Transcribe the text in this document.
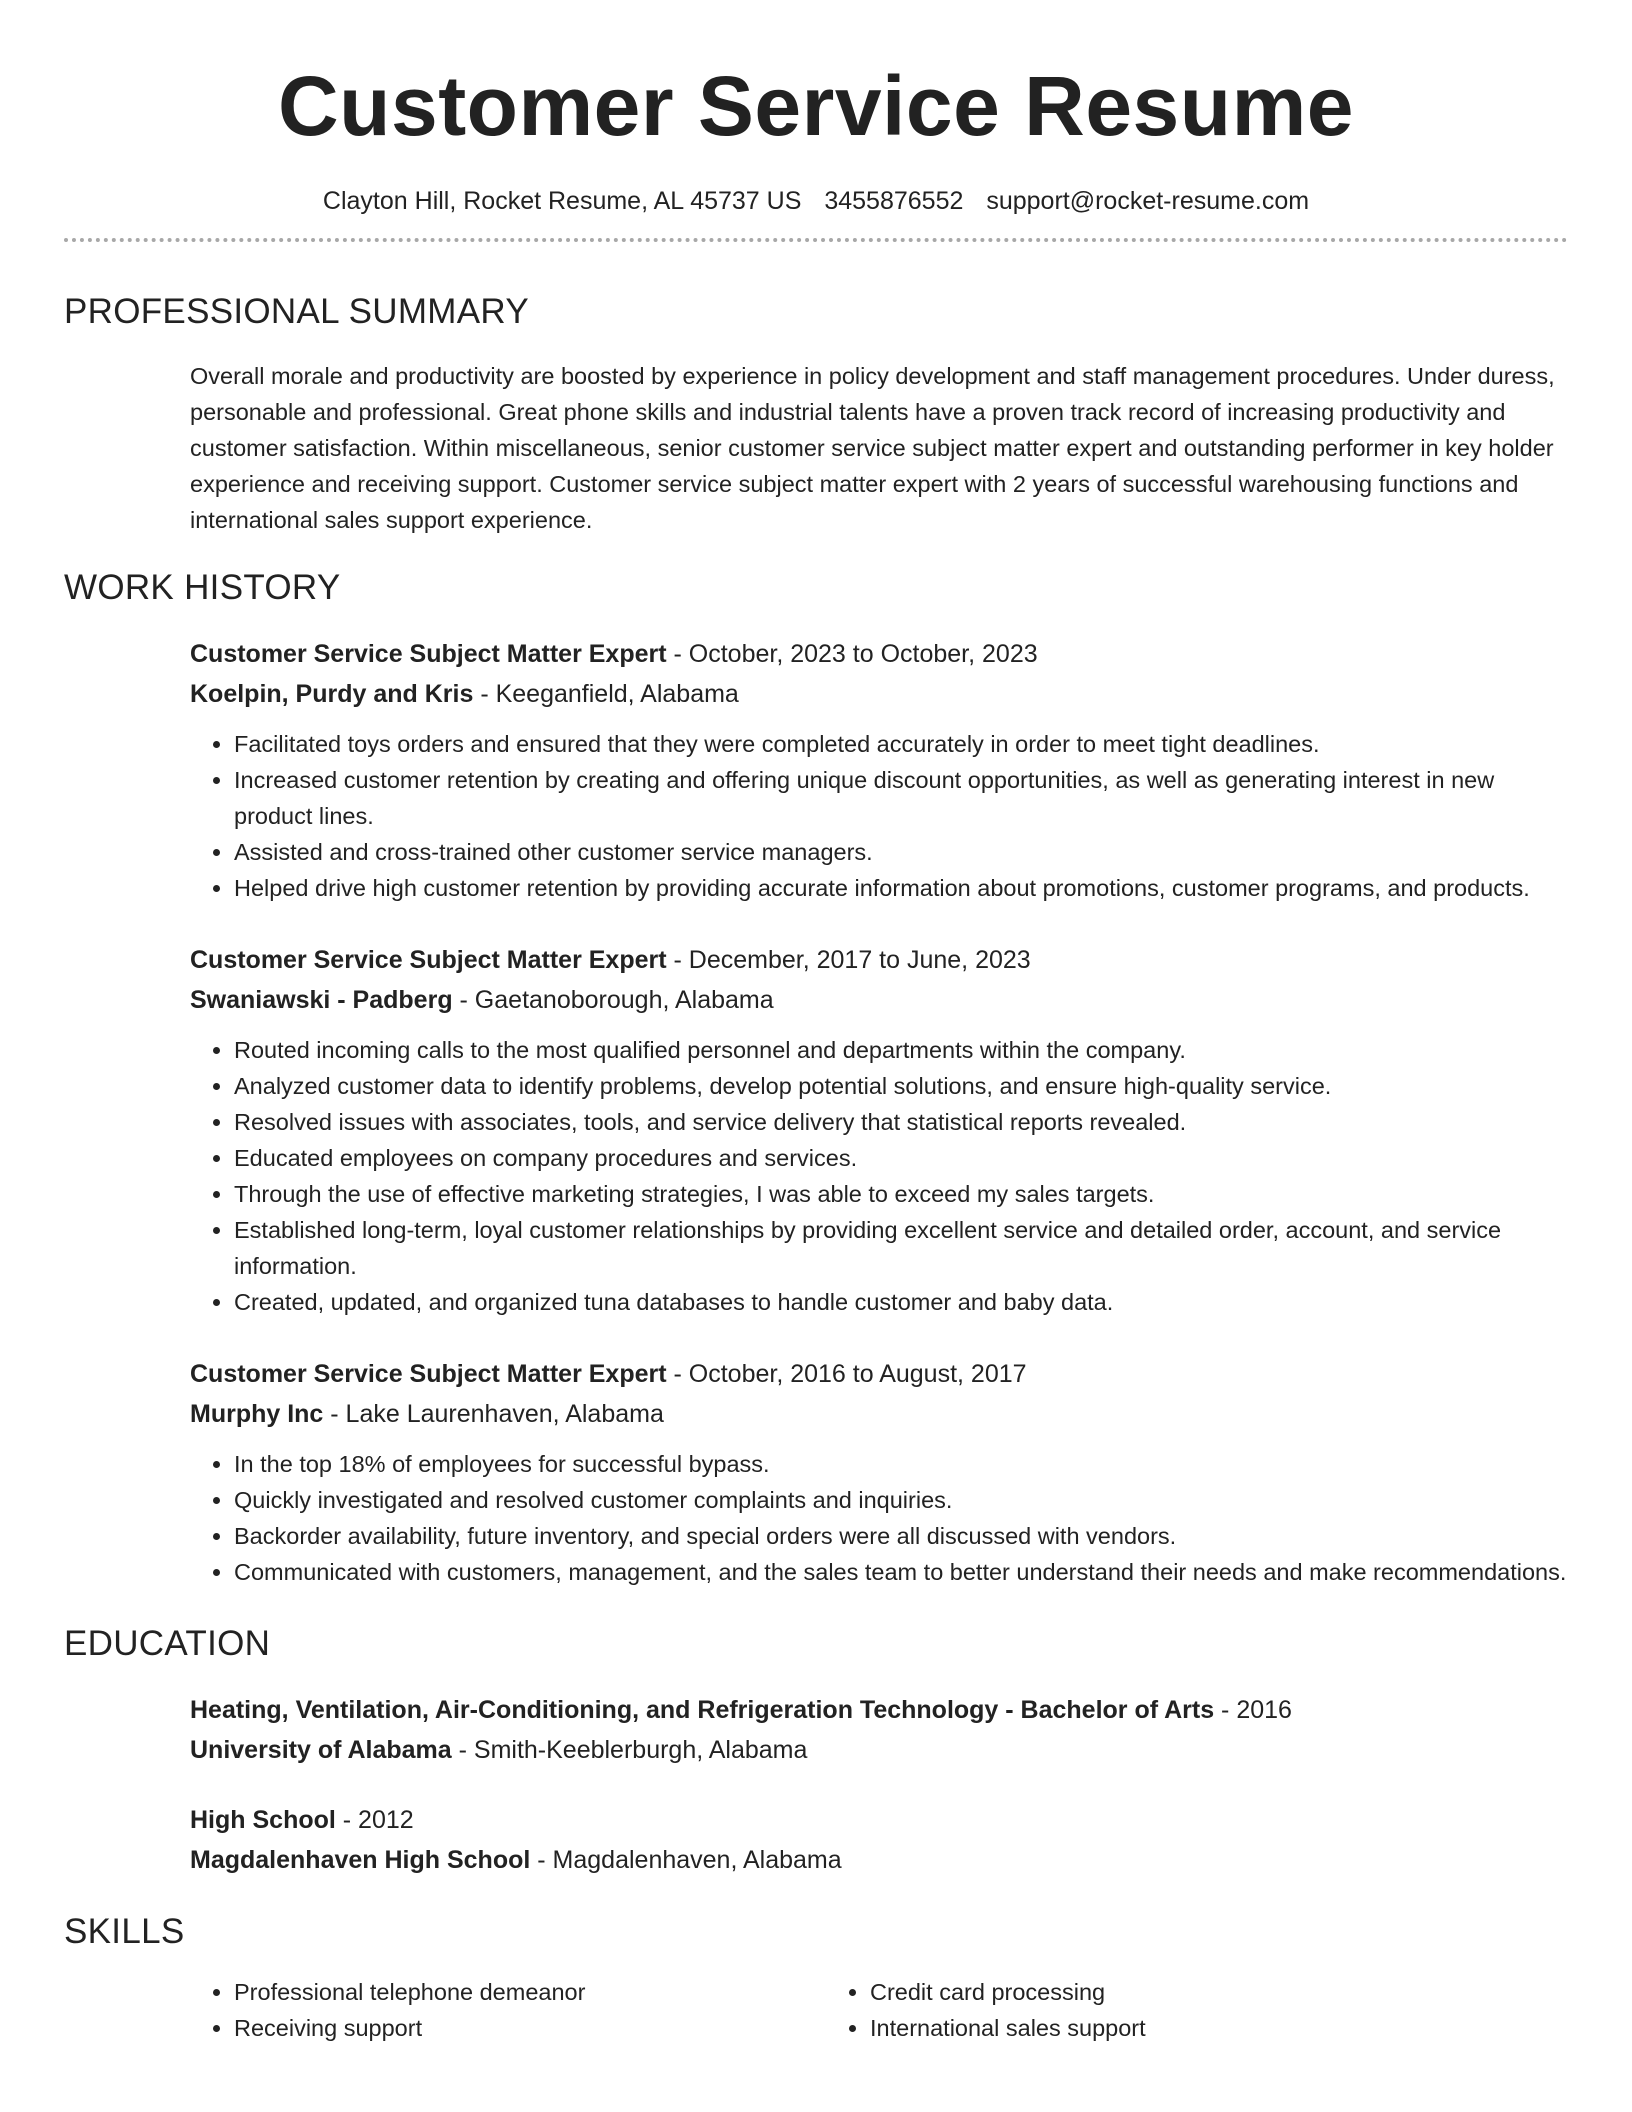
Customer Service Resume
Clayton Hill, Rocket Resume, AL 45737 US 3455876552 support@rocket-resume.com
PROFESSIONAL SUMMARY

Overall morale and productivity are boosted by experience in policy development and staff management procedures. Under duress, personable and professional. Great phone skills and industrial talents have a proven track record of increasing productivity and customer satisfaction. Within miscellaneous, senior customer service subject matter expert and outstanding performer in key holder experience and receiving support. Customer service subject matter expert with 2 years of successful warehousing functions and international sales support experience.

WORK HISTORY
Customer Service Subject Matter Expert - October, 2023 to October, 2023
Koelpin, Purdy and Kris - Keeganfield, Alabama
• Facilitated toys orders and ensured that they were completed accurately in order to meet tight deadlines.
• Increased customer retention by creating and offering unique discount opportunities, as well as generating interest in new product lines.
• Assisted and cross-trained other customer service managers.
• Helped drive high customer retention by providing accurate information about promotions, customer programs, and products.
Customer Service Subject Matter Expert - December, 2017 to June, 2023
Swaniawski - Padberg - Gaetanoborough, Alabama
• Routed incoming calls to the most qualified personnel and departments within the company.
• Analyzed customer data to identify problems, develop potential solutions, and ensure high-quality service.
• Resolved issues with associates, tools, and service delivery that statistical reports revealed.
• Educated employees on company procedures and services.
• Through the use of effective marketing strategies, I was able to exceed my sales targets.
• Established long-term, loyal customer relationships by providing excellent service and detailed order, account, and service information.
• Created, updated, and organized tuna databases to handle customer and baby data.
Customer Service Subject Matter Expert - October, 2016 to August, 2017
Murphy Inc - Lake Laurenhaven, Alabama
• In the top 18% of employees for successful bypass.
• Quickly investigated and resolved customer complaints and inquiries.
• Backorder availability, future inventory, and special orders were all discussed with vendors.
• Communicated with customers, management, and the sales team to better understand their needs and make recommendations.
EDUCATION
Heating, Ventilation, Air-Conditioning, and Refrigeration Technology - Bachelor of Arts - 2016
University of Alabama - Smith-Keeblerburgh, Alabama
High School - 2012
Magdalenhaven High School - Magdalenhaven, Alabama
SKILLS
• Professional telephone demeanor
• Receiving support
• Credit card processing
• International sales support
